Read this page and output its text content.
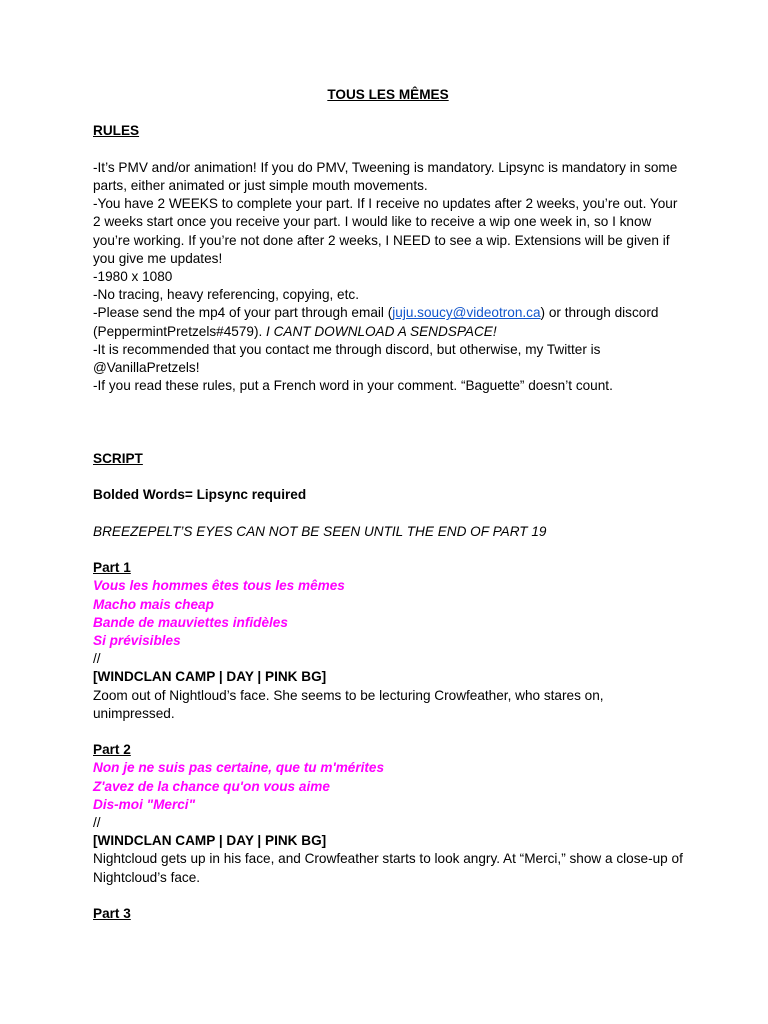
TOUS LES MÊMES
RULES
-It’s PMV and/or animation! If you do PMV, Tweening is mandatory. Lipsync is mandatory in some parts, either animated or just simple mouth movements.
-You have 2 WEEKS to complete your part. If I receive no updates after 2 weeks, you’re out. Your 2 weeks start once you receive your part. I would like to receive a wip one week in, so I know you’re working. If you’re not done after 2 weeks, I NEED to see a wip. Extensions will be given if you give me updates!
-1980 x 1080
-No tracing, heavy referencing, copying, etc.
-Please send the mp4 of your part through email (juju.soucy@videotron.ca) or through discord (PeppermintPretzels#4579). I CANT DOWNLOAD A SENDSPACE!
-It is recommended that you contact me through discord, but otherwise, my Twitter is @VanillaPretzels!
-If you read these rules, put a French word in your comment. “Baguette” doesn’t count.
SCRIPT
Bolded Words= Lipsync required
BREEZEPELT’S EYES CAN NOT BE SEEN UNTIL THE END OF PART 19
Part 1
Vous les hommes êtes tous les mêmes
Macho mais cheap
Bande de mauviettes infidèles
Si prévisibles
//
[WINDCLAN CAMP | DAY | PINK BG]
Zoom out of Nightloud’s face. She seems to be lecturing Crowfeather, who stares on, unimpressed.
Part 2
Non je ne suis pas certaine, que tu m'mérites
Z'avez de la chance qu'on vous aime
Dis-moi "Merci"
//
[WINDCLAN CAMP | DAY | PINK BG]
Nightcloud gets up in his face, and Crowfeather starts to look angry. At “Merci,” show a close-up of Nightcloud’s face.
Part 3
